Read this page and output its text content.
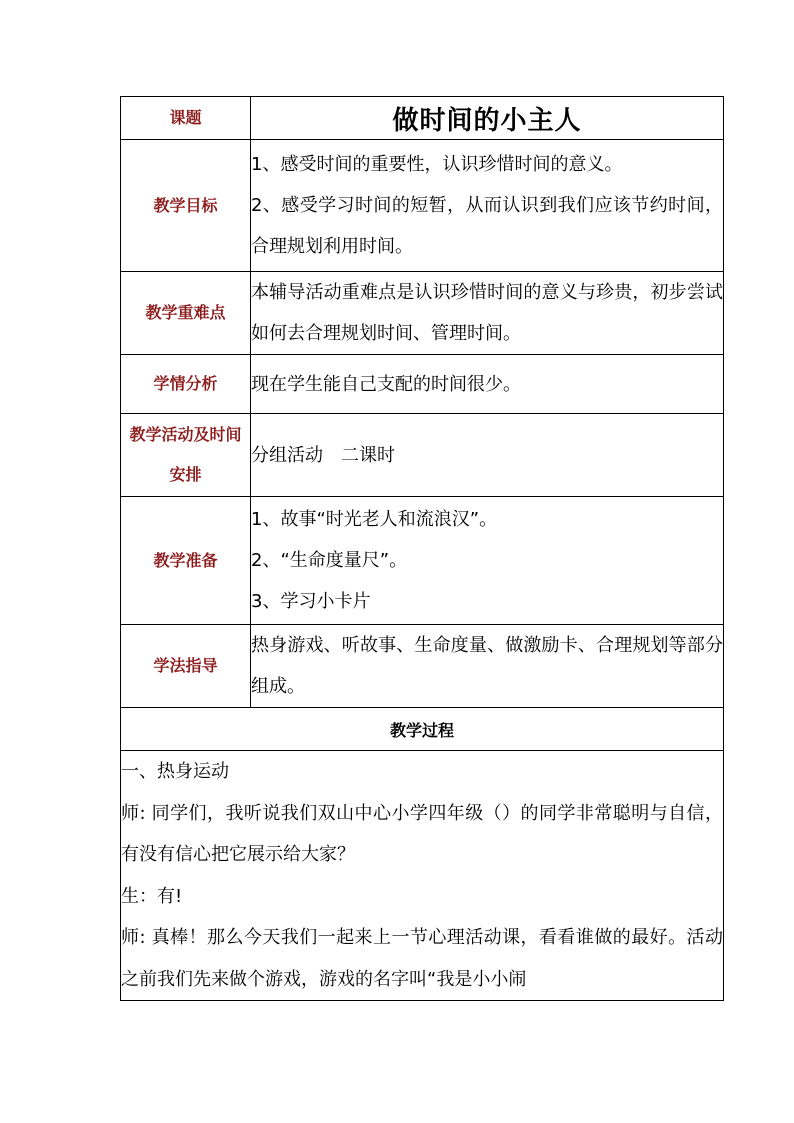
课题	做时间的小主人
教学目标	1、感受时间的重要性，认识珍惜时间的意义。
2、感受学习时间的短暂，从而认识到我们应该节约时间，合理规划利用时间。

教学重难点	本辅导活动重难点是认识珍惜时间的意义与珍贵，初步尝试如何去合理规划时间、管理时间。

学情分析	现在学生能自己支配的时间很少。

教学活动及时间安排	分组活动　二课时

教学准备	1、故事“时光老人和流浪汉”。
2、“生命度量尺”。
3、学习小卡片

学法指导	热身游戏、听故事、生命度量、做激励卡、合理规划等部分组成。

教学过程	

一、热身运动
师: 同学们，我听说我们双山中心小学四年级（）的同学非常聪明与自信，有没有信心把它展示给大家？
生：有!
师: 真棒！那么今天我们一起来上一节心理活动课，看看谁做的最好。活动之前我们先来做个游戏，游戏的名字叫“我是小小闹	
